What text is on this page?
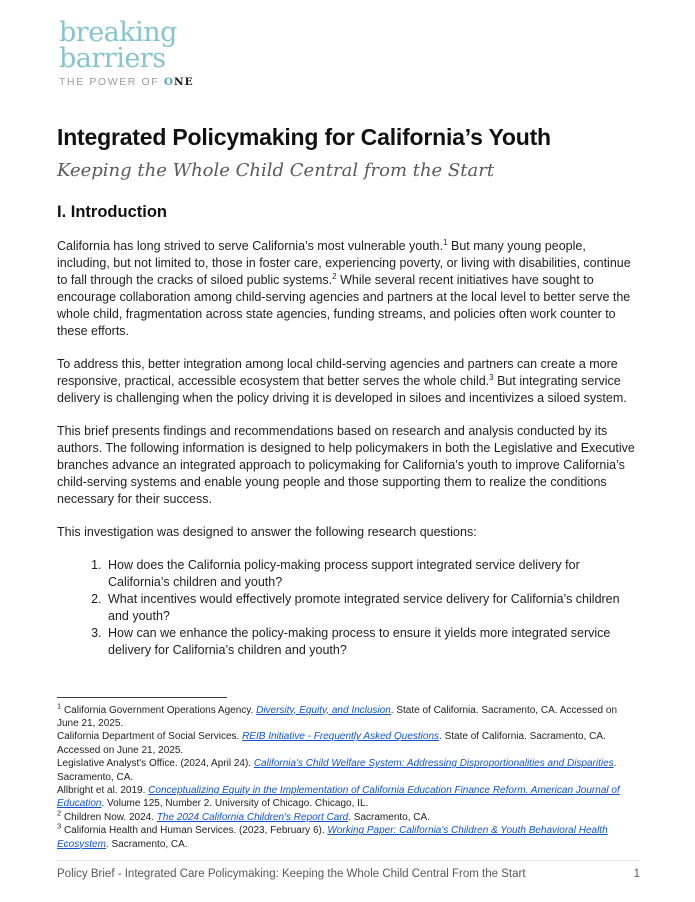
breaking
barriers
THE POWER OF ONE
Integrated Policymaking for California’s Youth
Keeping the Whole Child Central from the Start
I. Introduction

California has long strived to serve California’s most vulnerable youth.$^1$ But many young people, including, but not limited to, those in foster care, experiencing poverty, or living with disabilities, continue to fall through the cracks of siloed public systems.$^2$ While several recent initiatives have sought to encourage collaboration among child-serving agencies and partners at the local level to better serve the whole child, fragmentation across state agencies, funding streams, and policies often work counter to these efforts.

To address this, better integration among local child-serving agencies and partners can create a more responsive, practical, accessible ecosystem that better serves the whole child.$^3$ But integrating service delivery is challenging when the policy driving it is developed in siloes and incentivizes a siloed system.

This brief presents findings and recommendations based on research and analysis conducted by its authors. The following information is designed to help policymakers in both the Legislative and Executive branches advance an integrated approach to policymaking for California’s youth to improve California’s child-serving systems and enable young people and those supporting them to realize the conditions necessary for their success.

This investigation was designed to answer the following research questions:

1. How does the California policy-making process support integrated service delivery for California’s children and youth?
2. What incentives would effectively promote integrated service delivery for California’s children and youth?
3. How can we enhance the policy-making process to ensure it yields more integrated service delivery for California’s children and youth?
$^1$ California Government Operations Agency. Diversity, Equity, and Inclusion. State of California. Sacramento, CA. Accessed on June 21, 2025.
California Department of Social Services. REIB Initiative - Frequently Asked Questions. State of California. Sacramento, CA. Accessed on June 21, 2025.
Legislative Analyst's Office. (2024, April 24). California's Child Welfare System: Addressing Disproportionalities and Disparities. Sacramento, CA.
Allbright et al. 2019. Conceptualizing Equity in the Implementation of California Education Finance Reform. American Journal of Education. Volume 125, Number 2. University of Chicago. Chicago, IL.
$^2$ Children Now. 2024. The 2024 California Children's Report Card. Sacramento, CA.
$^3$ California Health and Human Services. (2023, February 6). Working Paper: California's Children & Youth Behavioral Health Ecosystem. Sacramento, CA.
Policy Brief - Integrated Care Policymaking: Keeping the Whole Child Central From the Start	1
